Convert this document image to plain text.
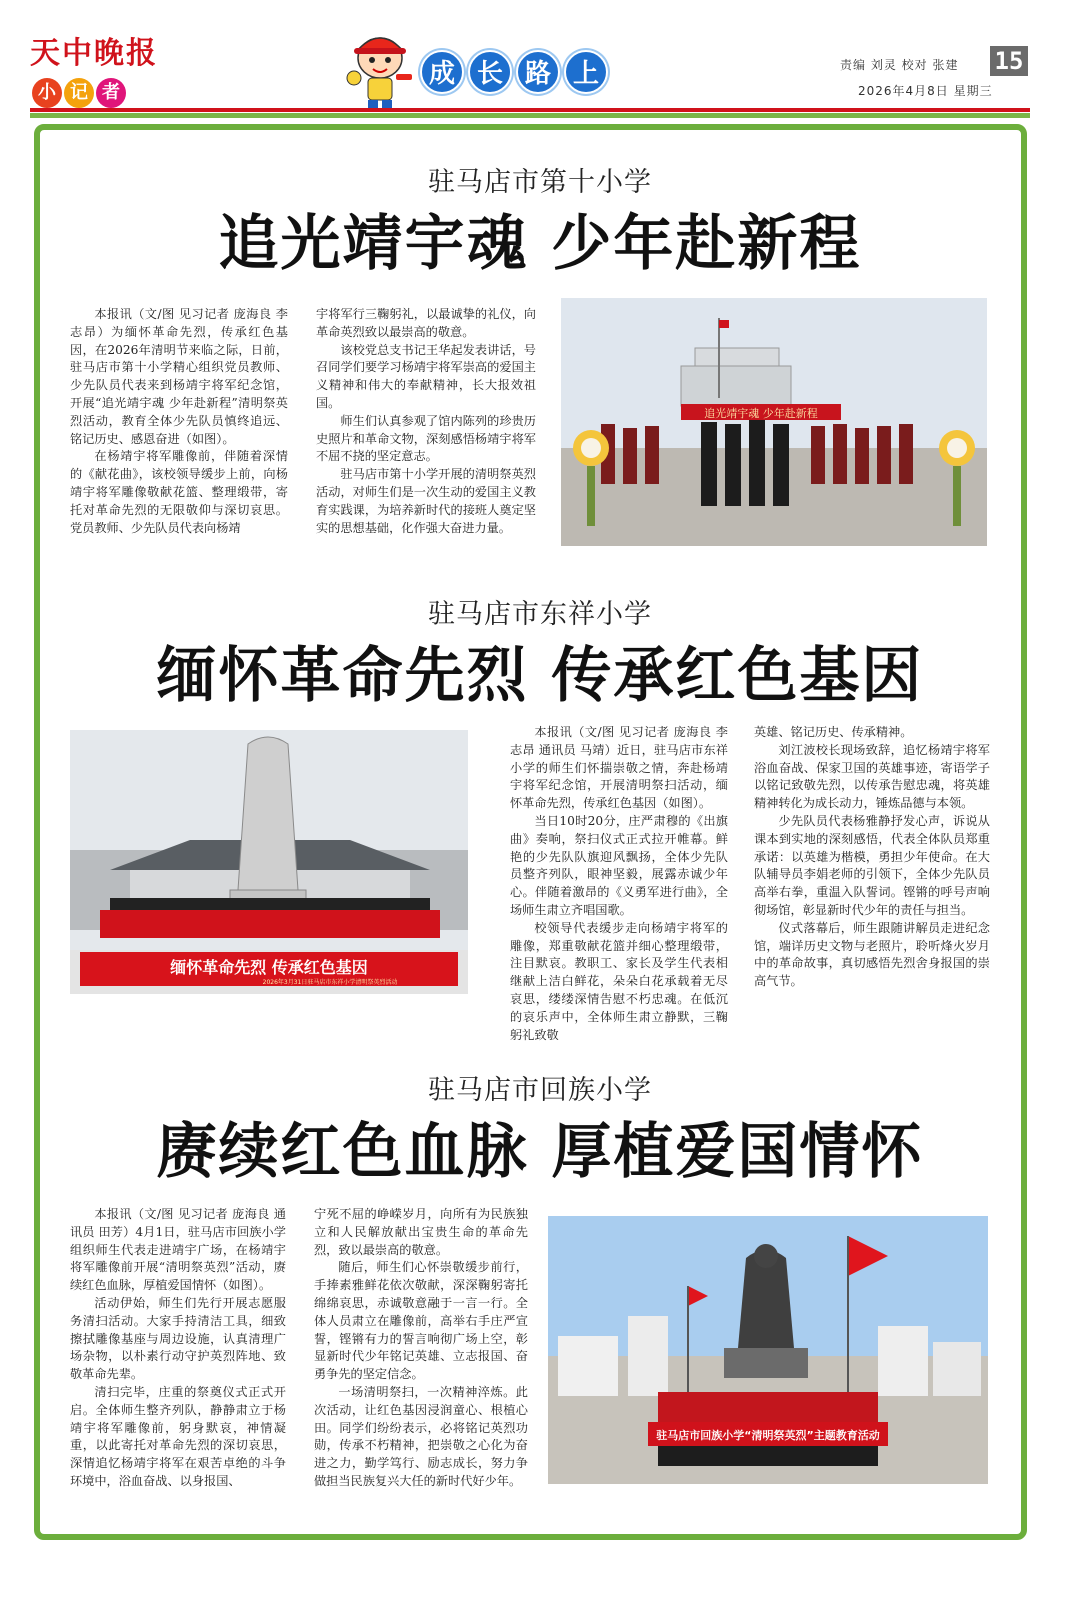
天中晚报
小 记 者
成 长 路 上	责编 刘灵 校对 张建 15
2026年4月8日 星期三
驻马店市第十小学
追光靖宇魂 少年赴新程

本报讯（文/图 见习记者 庞海良 李志昂）为缅怀革命先烈，传承红色基因，在2026年清明节来临之际，日前，驻马店市第十小学精心组织党员教师、少先队员代表来到杨靖宇将军纪念馆，开展“追光靖宇魂 少年赴新程”清明祭英烈活动，教育全体少先队员慎终追远、铭记历史、感恩奋进（如图）。

在杨靖宇将军雕像前，伴随着深情的《献花曲》，该校领导缓步上前，向杨靖宇将军雕像敬献花篮、整理缎带，寄托对革命先烈的无限敬仰与深切哀思。党员教师、少先队员代表向杨靖

宇将军行三鞠躬礼，以最诚挚的礼仪，向革命英烈致以最崇高的敬意。

该校党总支书记王华起发表讲话，号召同学们要学习杨靖宇将军崇高的爱国主义精神和伟大的奉献精神，长大报效祖国。

师生们认真参观了馆内陈列的珍贵历史照片和革命文物，深刻感悟杨靖宇将军不屈不挠的坚定意志。

驻马店市第十小学开展的清明祭英烈活动，对师生们是一次生动的爱国主义教育实践课，为培养新时代的接班人奠定坚实的思想基础，化作强大奋进力量。

追光靖宇魂 少年赴新程
驻马店市东祥小学
缅怀革命先烈 传承红色基因
缅怀革命先烈 传承红色基因
2026年3月31日驻马店市东祥小学清明祭英烈活动

本报讯（文/图 见习记者 庞海良 李志昂 通讯员 马靖）近日，驻马店市东祥小学的师生们怀揣崇敬之情，奔赴杨靖宇将军纪念馆，开展清明祭扫活动，缅怀革命先烈，传承红色基因（如图）。

当日10时20分，庄严肃穆的《出旗曲》奏响，祭扫仪式正式拉开帷幕。鲜艳的少先队队旗迎风飘扬，全体少先队员整齐列队，眼神坚毅，展露赤诚少年心。伴随着激昂的《义勇军进行曲》，全场师生肃立齐唱国歌。

校领导代表缓步走向杨靖宇将军的雕像，郑重敬献花篮并细心整理缎带，注目默哀。教职工、家长及学生代表相继献上洁白鲜花，朵朵白花承载着无尽哀思，缕缕深情告慰不朽忠魂。在低沉的哀乐声中，全体师生肃立静默，三鞠躬礼致敬

英雄、铭记历史、传承精神。

刘江波校长现场致辞，追忆杨靖宇将军浴血奋战、保家卫国的英雄事迹，寄语学子以铭记致敬先烈，以传承告慰忠魂，将英雄精神转化为成长动力，锤炼品德与本领。

少先队员代表杨雅静抒发心声，诉说从课本到实地的深刻感悟，代表全体队员郑重承诺：以英雄为楷模，勇担少年使命。在大队辅导员李娟老师的引领下，全体少先队员高举右拳，重温入队誓词。铿锵的呼号声响彻场馆，彰显新时代少年的责任与担当。

仪式落幕后，师生跟随讲解员走进纪念馆，端详历史文物与老照片，聆听烽火岁月中的革命故事，真切感悟先烈舍身报国的崇高气节。

驻马店市回族小学
赓续红色血脉 厚植爱国情怀

本报讯（文/图 见习记者 庞海良 通讯员 田芳）4月1日，驻马店市回族小学组织师生代表走进靖宇广场，在杨靖宇将军雕像前开展“清明祭英烈”活动，赓续红色血脉，厚植爱国情怀（如图）。

活动伊始，师生们先行开展志愿服务清扫活动。大家手持清洁工具，细致擦拭雕像基座与周边设施，认真清理广场杂物，以朴素行动守护英烈阵地、致敬革命先辈。

清扫完毕，庄重的祭奠仪式正式开启。全体师生整齐列队，静静肃立于杨靖宇将军雕像前，躬身默哀，神情凝重，以此寄托对革命先烈的深切哀思，深情追忆杨靖宇将军在艰苦卓绝的斗争环境中，浴血奋战、以身报国、

宁死不屈的峥嵘岁月，向所有为民族独立和人民解放献出宝贵生命的革命先烈，致以最崇高的敬意。

随后，师生们心怀崇敬缓步前行，手捧素雅鲜花依次敬献，深深鞠躬寄托绵绵哀思，赤诚敬意融于一言一行。全体人员肃立在雕像前，高举右手庄严宣誓，铿锵有力的誓言响彻广场上空，彰显新时代少年铭记英雄、立志报国、奋勇争先的坚定信念。

一场清明祭扫，一次精神淬炼。此次活动，让红色基因浸润童心、根植心田。同学们纷纷表示，必将铭记英烈功勋，传承不朽精神，把崇敬之心化为奋进之力，勤学笃行、励志成长，努力争做担当民族复兴大任的新时代好少年。

驻马店市回族小学“清明祭英烈”主题教育活动
